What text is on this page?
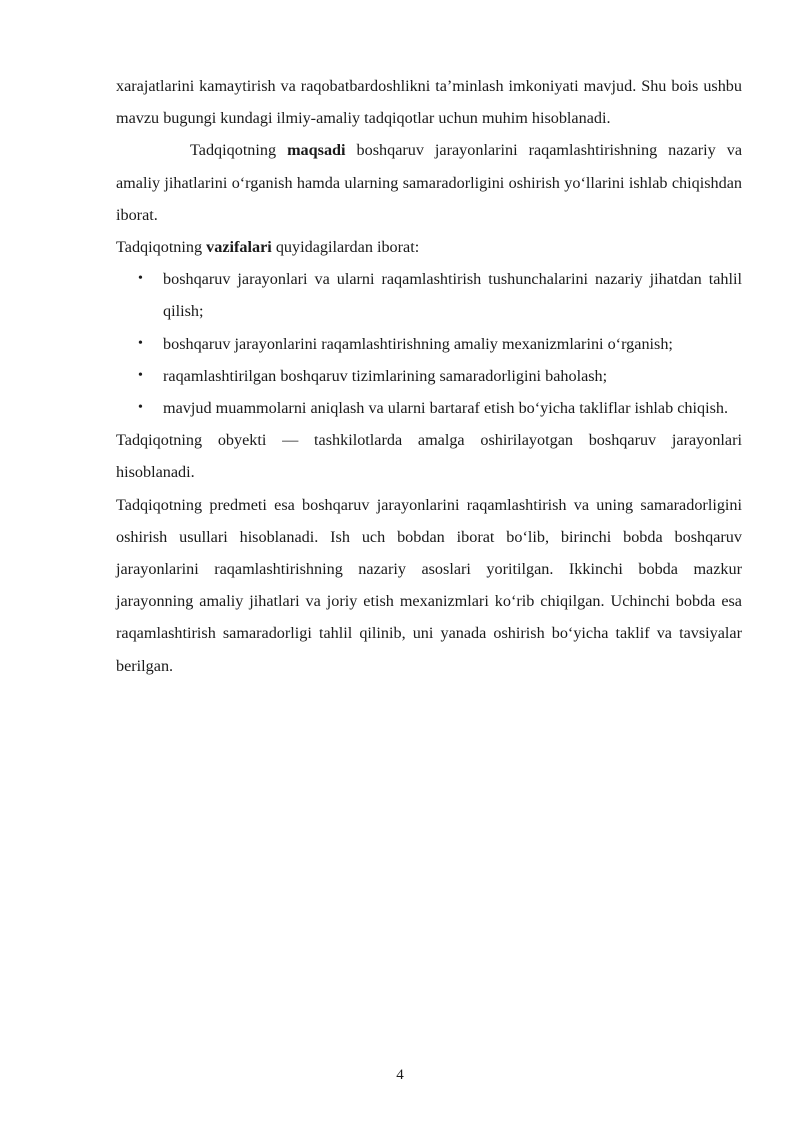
xarajatlarini kamaytirish va raqobatbardoshlikni ta’minlash imkoniyati mavjud. Shu bois ushbu mavzu bugungi kundagi ilmiy-amaliy tadqiqotlar uchun muhim hisoblanadi.

Tadqiqotning maqsadi boshqaruv jarayonlarini raqamlashtirishning nazariy va amaliy jihatlarini o‘rganish hamda ularning samaradorligini oshirish yo‘llarini ishlab chiqishdan iborat.

Tadqiqotning vazifalari quyidagilardan iborat:

• boshqaruv jarayonlari va ularni raqamlashtirish tushunchalarini nazariy jihatdan tahlil qilish;
• boshqaruv jarayonlarini raqamlashtirishning amaliy mexanizmlarini o‘rganish;
• raqamlashtirilgan boshqaruv tizimlarining samaradorligini baholash;
• mavjud muammolarni aniqlash va ularni bartaraf etish bo‘yicha takliflar ishlab chiqish.

Tadqiqotning obyekti — tashkilotlarda amalga oshirilayotgan boshqaruv jarayonlari hisoblanadi.

Tadqiqotning predmeti esa boshqaruv jarayonlarini raqamlashtirish va uning samaradorligini oshirish usullari hisoblanadi. Ish uch bobdan iborat bo‘lib, birinchi bobda boshqaruv jarayonlarini raqamlashtirishning nazariy asoslari yoritilgan. Ikkinchi bobda mazkur jarayonning amaliy jihatlari va joriy etish mexanizmlari ko‘rib chiqilgan. Uchinchi bobda esa raqamlashtirish samaradorligi tahlil qilinib, uni yanada oshirish bo‘yicha taklif va tavsiyalar berilgan.

4
